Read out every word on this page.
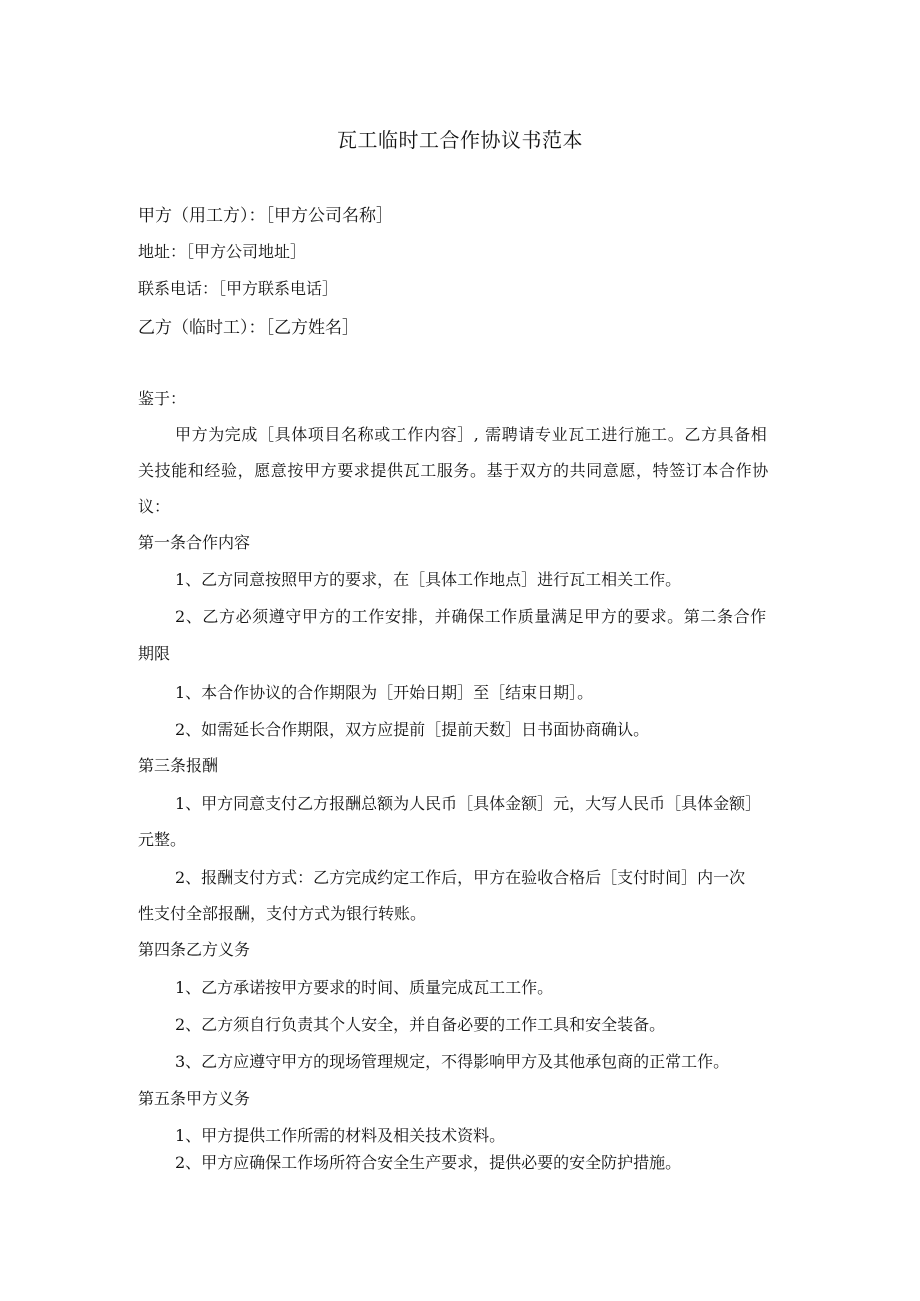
瓦工临时工合作协议书范本
甲方（用工方）：［甲方公司名称］
地址：［甲方公司地址］
联系电话：［甲方联系电话］
乙方（临时工）：［乙方姓名］
鉴于：
甲方为完成［具体项目名称或工作内容］, 需聘请专业瓦工进行施工。乙方具备相
关技能和经验，愿意按甲方要求提供瓦工服务。基于双方的共同意愿，特签订本合作协
议：
第一条合作内容
1、乙方同意按照甲方的要求，在［具体工作地点］进行瓦工相关工作。
2、乙方必须遵守甲方的工作安排，并确保工作质量满足甲方的要求。第二条合作
期限
1、本合作协议的合作期限为［开始日期］至［结束日期］。
2、如需延长合作期限，双方应提前［提前天数］日书面协商确认。
第三条报酬
1、甲方同意支付乙方报酬总额为人民币［具体金额］元，大写人民币［具体金额］
元整。
2、报酬支付方式：乙方完成约定工作后，甲方在验收合格后［支付时间］内一次
性支付全部报酬，支付方式为银行转账。
第四条乙方义务
1、乙方承诺按甲方要求的时间、质量完成瓦工工作。
2、乙方须自行负责其个人安全，并自备必要的工作工具和安全装备。
3、乙方应遵守甲方的现场管理规定，不得影响甲方及其他承包商的正常工作。
第五条甲方义务
1、甲方提供工作所需的材料及相关技术资料。
2、甲方应确保工作场所符合安全生产要求，提供必要的安全防护措施。
